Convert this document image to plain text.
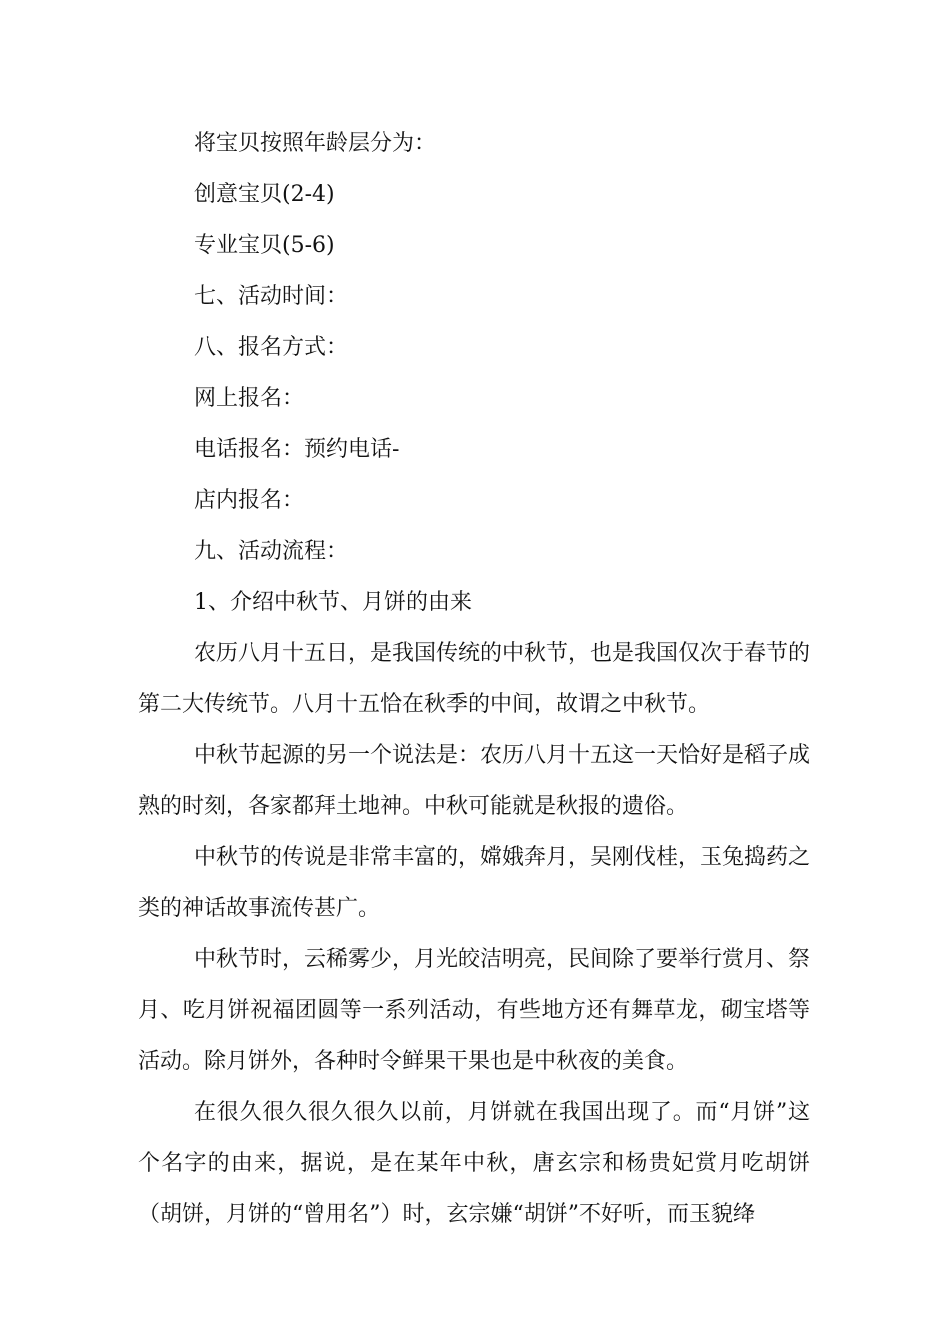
将宝贝按照年龄层分为：

创意宝贝(2-4)

专业宝贝(5-6)

七、活动时间：

八、报名方式：

网上报名：

电话报名：预约电话-

店内报名：

九、活动流程：

1、介绍中秋节、月饼的由来

农历八月十五日，是我国传统的中秋节，也是我国仅次于春节的第二大传统节。八月十五恰在秋季的中间，故谓之中秋节。

中秋节起源的另一个说法是：农历八月十五这一天恰好是稻子成熟的时刻，各家都拜土地神。中秋可能就是秋报的遗俗。

中秋节的传说是非常丰富的，嫦娥奔月，吴刚伐桂，玉兔捣药之类的神话故事流传甚广。

中秋节时，云稀雾少，月光皎洁明亮，民间除了要举行赏月、祭月、吃月饼祝福团圆等一系列活动，有些地方还有舞草龙，砌宝塔等活动。除月饼外，各种时令鲜果干果也是中秋夜的美食。

在很久很久很久很久以前，月饼就在我国出现了。而“月饼”这个名字的由来，据说，是在某年中秋，唐玄宗和杨贵妃赏月吃胡饼（胡饼，月饼的“曾用名”）时，玄宗嫌“胡饼”不好听，而玉貌绛
